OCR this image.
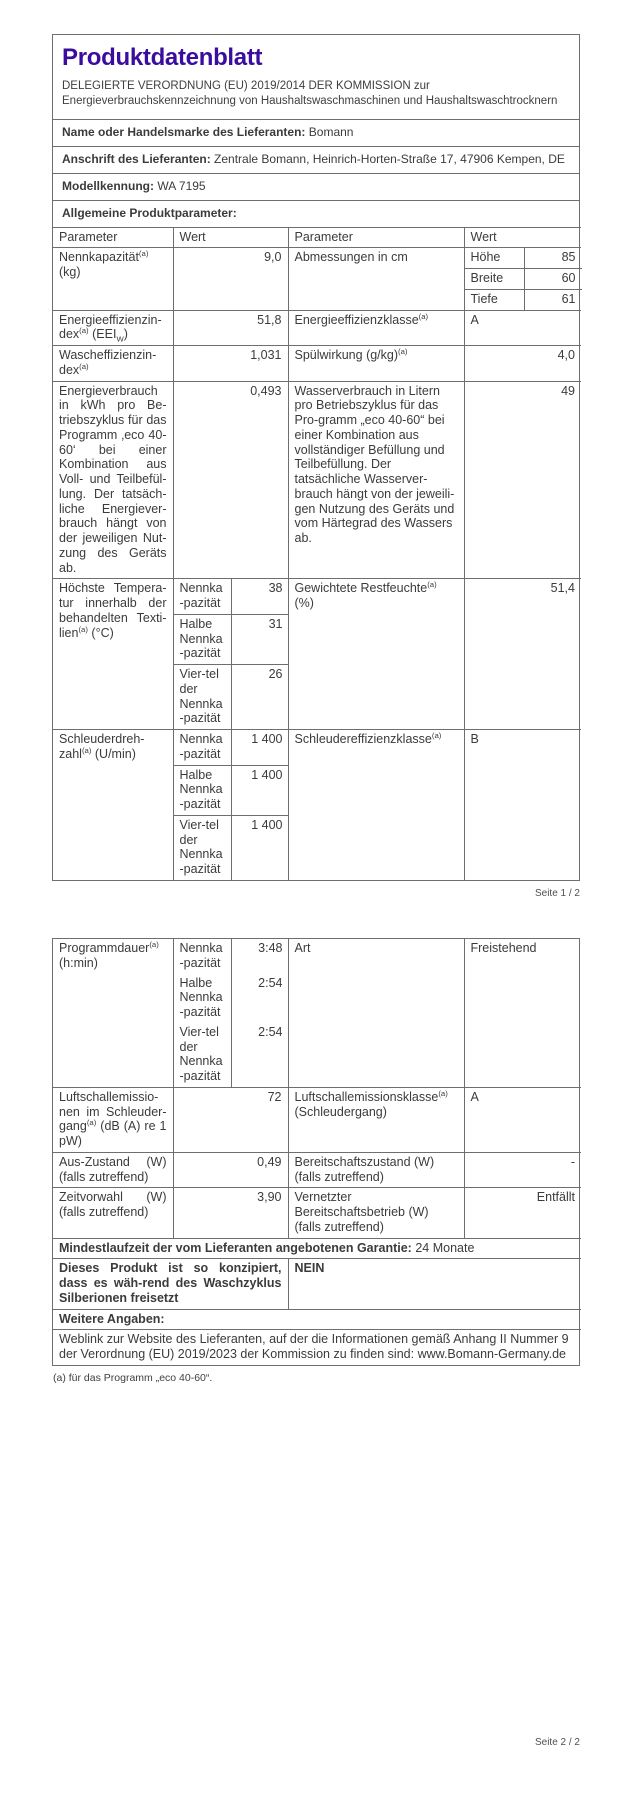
Produktdatenblatt

DELEGIERTE VERORDNUNG (EU) 2019/2014 DER KOMMISSION zur
Energieverbrauchskennzeichnung von Haushaltswaschmaschinen und Haushaltswaschtrocknern

Name oder Handelsmarke des Lieferanten: Bomann
Anschrift des Lieferanten: Zentrale Bomann, Heinrich-Horten-Straße 17, 47906 Kempen, DE
Modellkennung: WA 7195
Allgemeine Produktparameter:
Parameter	Wert	Parameter	Wert
Nennkapazität$^{(a)}$ (kg)	9,0	Abmessungen in cm		Höhe	85
Breite	60
Tiefe	61

Energieeffizienzin-dex$^{(a)}$ $(EEI_W)$	51,8	Energieeffizienzklasse$^{(a)}$	A
Wascheffizienzin-dex$^{(a)}$	1,031	Spülwirkung $(g/kg)^{(a)}$	4,0
Energieverbrauch in kWh pro Be-triebszyklus für das Programm ‚eco 40-60‘ bei einer Kombination aus Voll- und Teilbefül-lung. Der tatsäch-liche Energiever-brauch hängt von der jeweiligen Nut-zung des Geräts ab.	0,493	Wasserverbrauch in Litern pro Betriebszyklus für das Pro-gramm „eco 40-60“ bei einer Kombination aus vollständiger Befüllung und Teilbefüllung. Der tatsächliche Wasserver-brauch hängt von der jeweili-gen Nutzung des Geräts und vom Härtegrad des Wassers ab.	49
Höchste Tempera-tur innerhalb der behandelten Texti-lien$^{(a)}$ (°C)	
Nennka-pazität	38
Halbe Nennka-pazität	31
Vier-tel der Nennka-pazität	26
	Gewichtete Restfeuchte$^{(a)}$ (%)	51,4
Schleuderdreh-zahl$^{(a)}$ (U/min)	
Nennka-pazität	1 400
Halbe Nennka-pazität	1 400
Vier-tel der Nennka-pazität	1 400
	Schleudereffizienzklasse$^{(a)}$	B
Seite 1 / 2
Programmdauer$^{(a)}$ (h:min)	
Nennka-pazität	3:48
Halbe Nennka-pazität	2:54
Vier-tel der Nennka-pazität	2:54
	Art	Freistehend
Luftschallemissio-nen im Schleuder-gang$^{(a)}$ (dB (A) re 1 pW)	72	Luftschallemissionsklasse$^{(a)}$ (Schleudergang)	A
Aus-Zustand (W) (falls zutreffend)	0,49	Bereitschaftszustand (W) (falls zutreffend)	-
Zeitvorwahl (W) (falls zutreffend)	3,90	Vernetzter Bereitschaftsbetrieb (W) (falls zutreffend)	Entfällt
Mindestlaufzeit der vom Lieferanten angebotenen Garantie: 24 Monate
Dieses Produkt ist so konzipiert, dass es wäh-rend des Waschzyklus Silberionen freisetzt	NEIN
Weitere Angaben:
Weblink zur Website des Lieferanten, auf der die Informationen gemäß Anhang II Nummer 9 der Verordnung (EU) 2019/2023 der Kommission zu finden sind: www.Bomann-Germany.de
(a) für das Programm „eco 40-60“.
Seite 2 / 2
